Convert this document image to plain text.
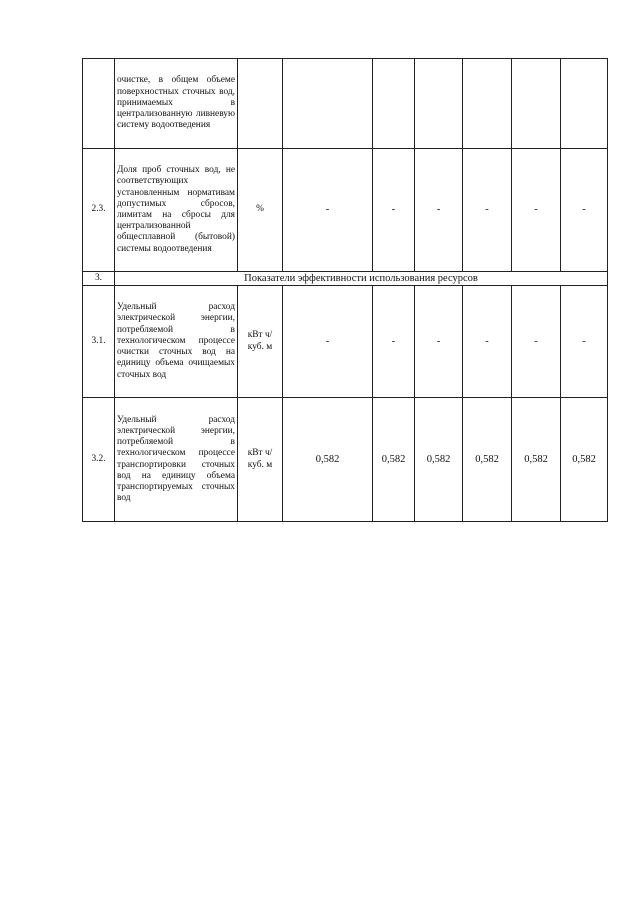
	очистке, в общем объеме поверхностных сточных вод, принимаемых в централизованную ливневую систему водоотведения							
2.3.	Доля проб сточных вод, не соответствующих установленным нормативам допустимых сбросов, лимитам на сбросы для централизованной общесплавной (бытовой) системы водоотведения	%	-	-	-	-	-	-
3.	Показатели эффективности использования ресурсов							
3.1.	Удельный расход электрической энергии, потребляемой в технологическом процессе очистки сточных вод на единицу объема очищаемых сточных вод	кВт ч/куб. м	-	-	-	-	-	-
3.2.	Удельный расход электрической энергии, потребляемой в технологическом процессе транспортировки сточных вод на единицу объема транспортируемых сточных вод	кВт ч/куб. м	0,582	0,582	0,582	0,582	0,582	0,582
